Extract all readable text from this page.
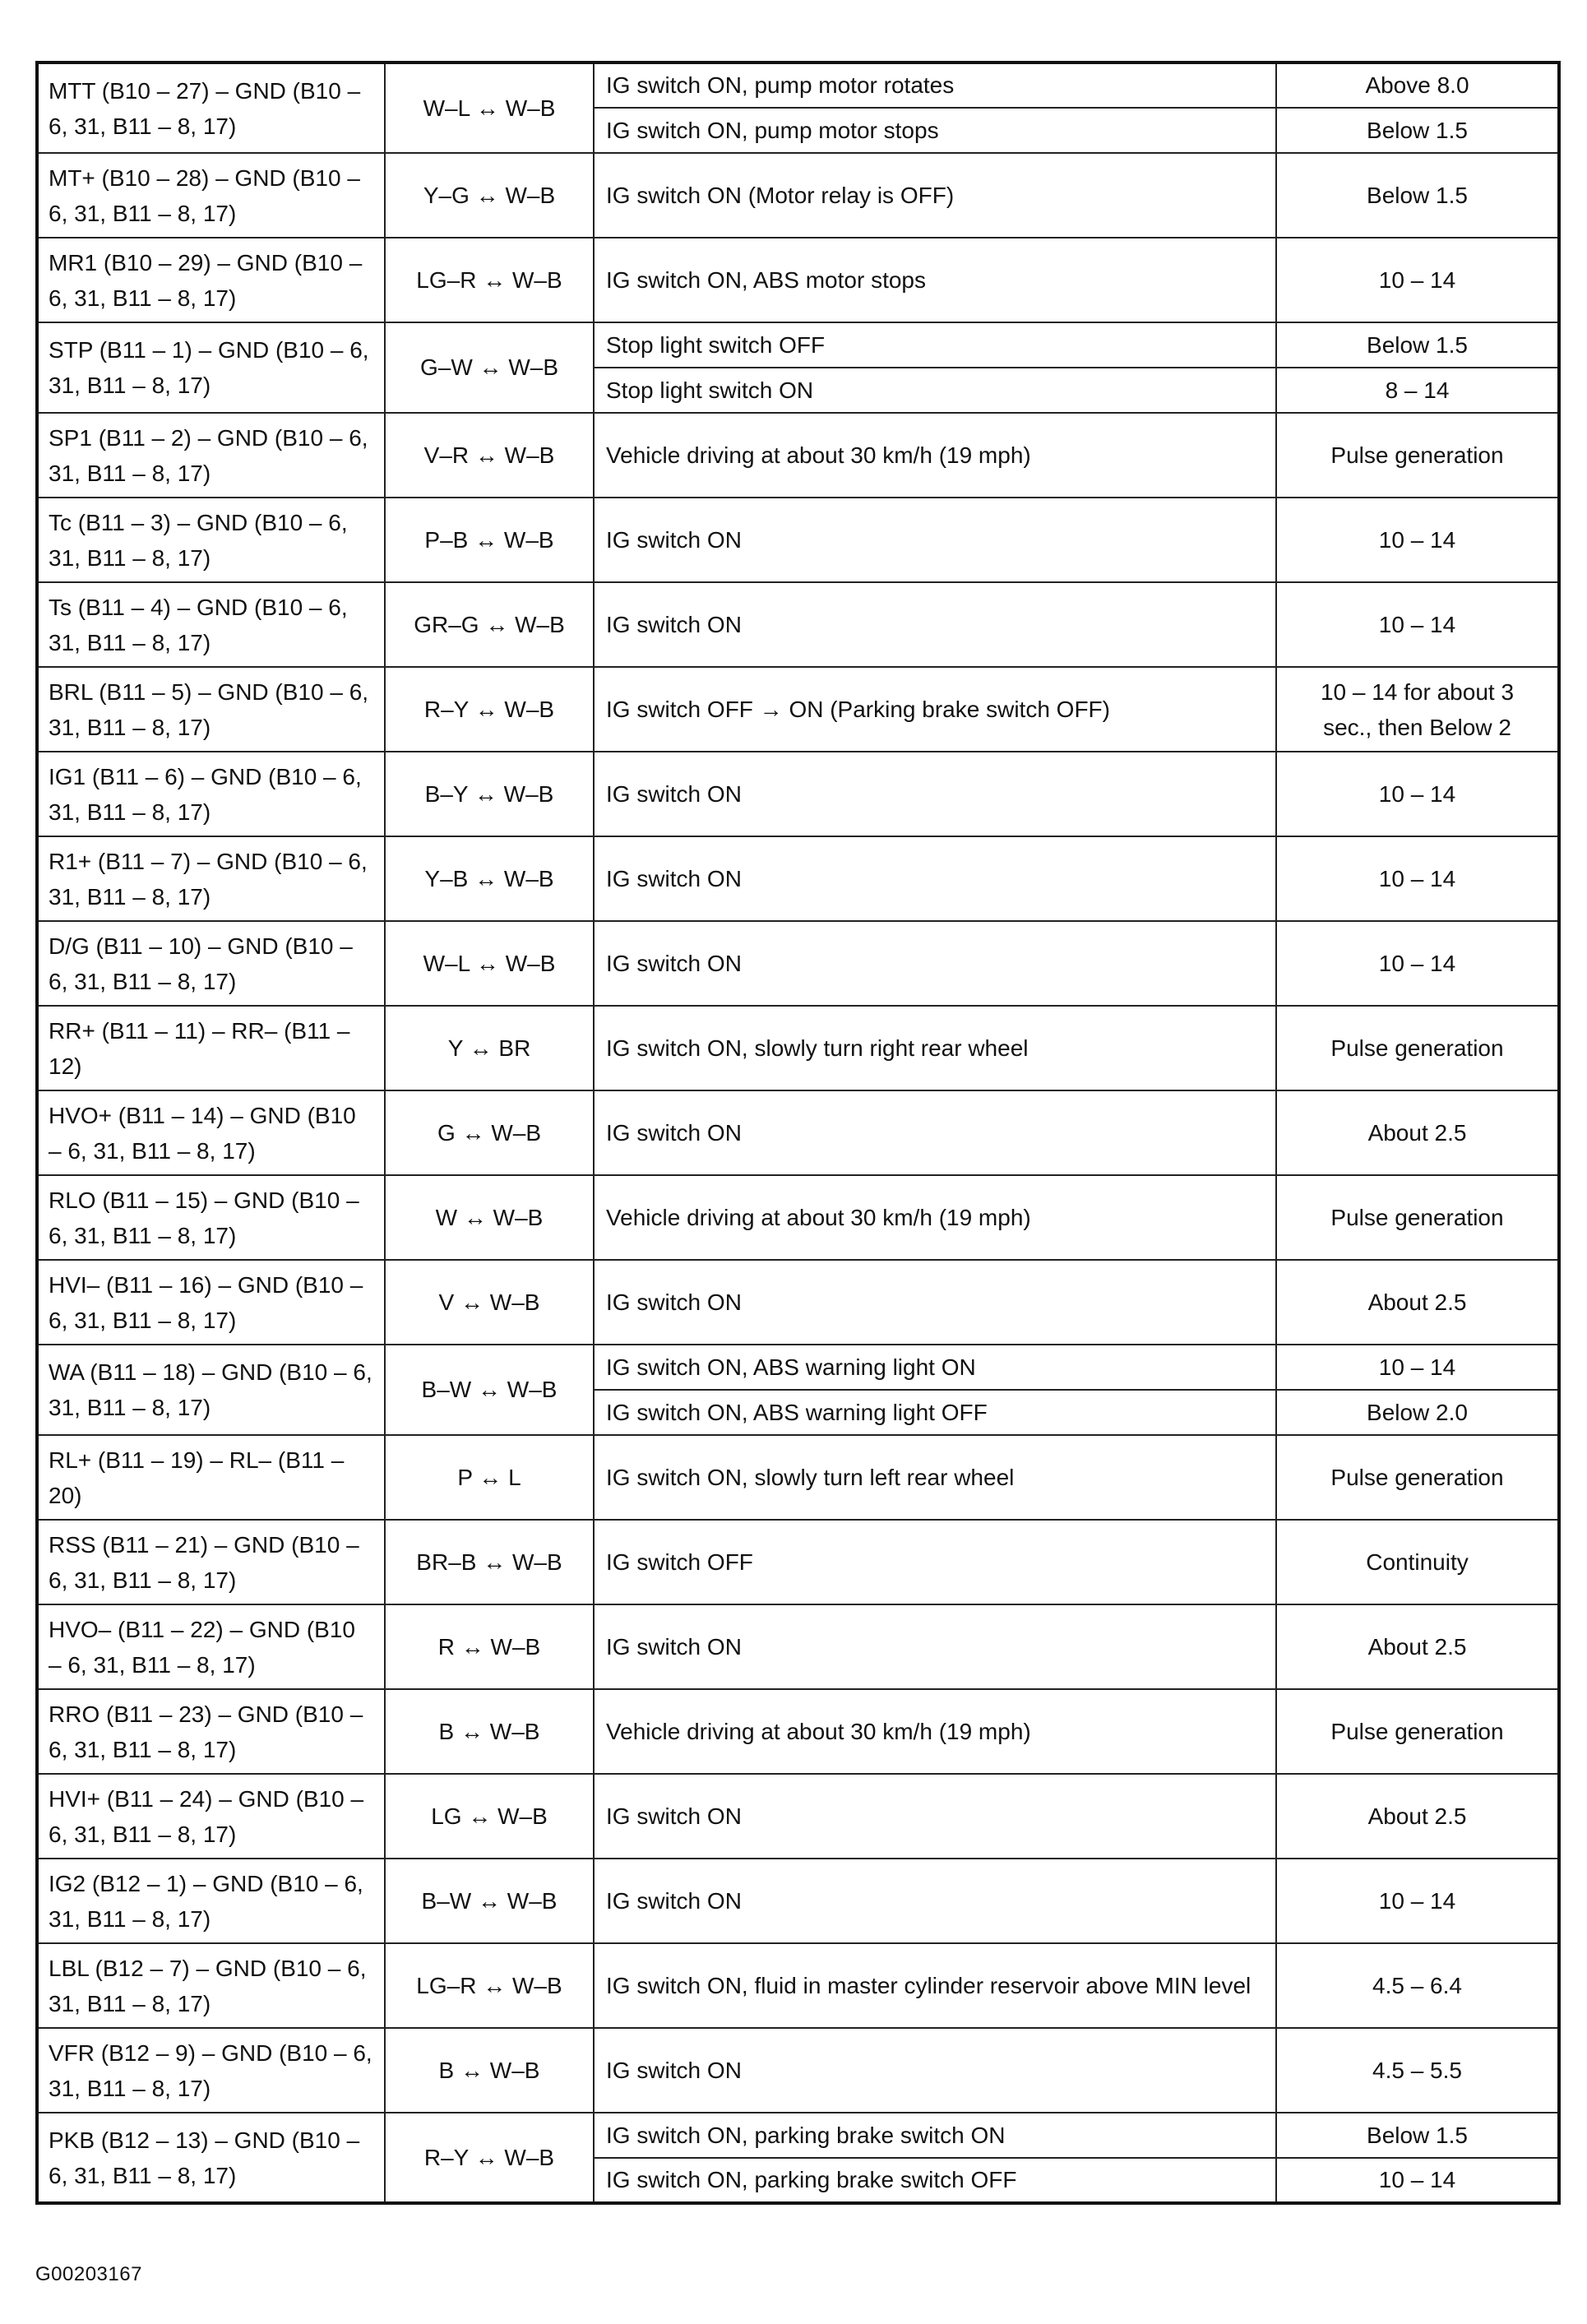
MTT (B10 – 27) – GND (B10 – 6, 31, B11 – 8, 17)	W–L ↔ W–B	IG switch ON, pump motor rotates	Above 8.0
		IG switch ON, pump motor stops	Below 1.5
MT+ (B10 – 28) – GND (B10 – 6, 31, B11 – 8, 17)	Y–G ↔ W–B	IG switch ON (Motor relay is OFF)	Below 1.5
MR1 (B10 – 29) – GND (B10 – 6, 31, B11 – 8, 17)	LG–R ↔ W–B	IG switch ON, ABS motor stops	10 – 14
STP (B11 – 1) – GND (B10 – 6, 31, B11 – 8, 17)	G–W ↔ W–B	Stop light switch OFF	Below 1.5
		Stop light switch ON	8 – 14
SP1 (B11 – 2) – GND (B10 – 6, 31, B11 – 8, 17)	V–R ↔ W–B	Vehicle driving at about 30 km/h (19 mph)	Pulse generation
Tc (B11 – 3) – GND (B10 – 6, 31, B11 – 8, 17)	P–B ↔ W–B	IG switch ON	10 – 14
Ts (B11 – 4) – GND (B10 – 6, 31, B11 – 8, 17)	GR–G ↔ W–B	IG switch ON	10 – 14
BRL (B11 – 5) – GND (B10 – 6, 31, B11 – 8, 17)	R–Y ↔ W–B	IG switch OFF → ON (Parking brake switch OFF)	10 – 14 for about 3 sec., then Below 2
IG1 (B11 – 6) – GND (B10 – 6, 31, B11 – 8, 17)	B–Y ↔ W–B	IG switch ON	10 – 14
R1+ (B11 – 7) – GND (B10 – 6, 31, B11 – 8, 17)	Y–B ↔ W–B	IG switch ON	10 – 14
D/G (B11 – 10) – GND (B10 – 6, 31, B11 – 8, 17)	W–L ↔ W–B	IG switch ON	10 – 14
RR+ (B11 – 11) – RR– (B11 – 12)	Y ↔ BR	IG switch ON, slowly turn right rear wheel	Pulse generation
HVO+ (B11 – 14) – GND (B10 – 6, 31, B11 – 8, 17)	G ↔ W–B	IG switch ON	About 2.5
RLO (B11 – 15) – GND (B10 – 6, 31, B11 – 8, 17)	W ↔ W–B	Vehicle driving at about 30 km/h (19 mph)	Pulse generation
HVI– (B11 – 16) – GND (B10 – 6, 31, B11 – 8, 17)	V ↔ W–B	IG switch ON	About 2.5
WA (B11 – 18) – GND (B10 – 6, 31, B11 – 8, 17)	B–W ↔ W–B	IG switch ON, ABS warning light ON	10 – 14
		IG switch ON, ABS warning light OFF	Below 2.0
RL+ (B11 – 19) – RL– (B11 – 20)	P ↔ L	IG switch ON, slowly turn left rear wheel	Pulse generation
RSS (B11 – 21) – GND (B10 – 6, 31, B11 – 8, 17)	BR–B ↔ W–B	IG switch OFF	Continuity
HVO– (B11 – 22) – GND (B10 – 6, 31, B11 – 8, 17)	R ↔ W–B	IG switch ON	About 2.5
RRO (B11 – 23) – GND (B10 – 6, 31, B11 – 8, 17)	B ↔ W–B	Vehicle driving at about 30 km/h (19 mph)	Pulse generation
HVI+ (B11 – 24) – GND (B10 – 6, 31, B11 – 8, 17)	LG ↔ W–B	IG switch ON	About 2.5
IG2 (B12 – 1) – GND (B10 – 6, 31, B11 – 8, 17)	B–W ↔ W–B	IG switch ON	10 – 14
LBL (B12 – 7) – GND (B10 – 6, 31, B11 – 8, 17)	LG–R ↔ W–B	IG switch ON, fluid in master cylinder reservoir above MIN level	4.5 – 6.4
VFR (B12 – 9) – GND (B10 – 6, 31, B11 – 8, 17)	B ↔ W–B	IG switch ON	4.5 – 5.5
PKB (B12 – 13) – GND (B10 – 6, 31, B11 – 8, 17)	R–Y ↔ W–B	IG switch ON, parking brake switch ON	Below 1.5
		IG switch ON, parking brake switch OFF	10 – 14
G00203167
